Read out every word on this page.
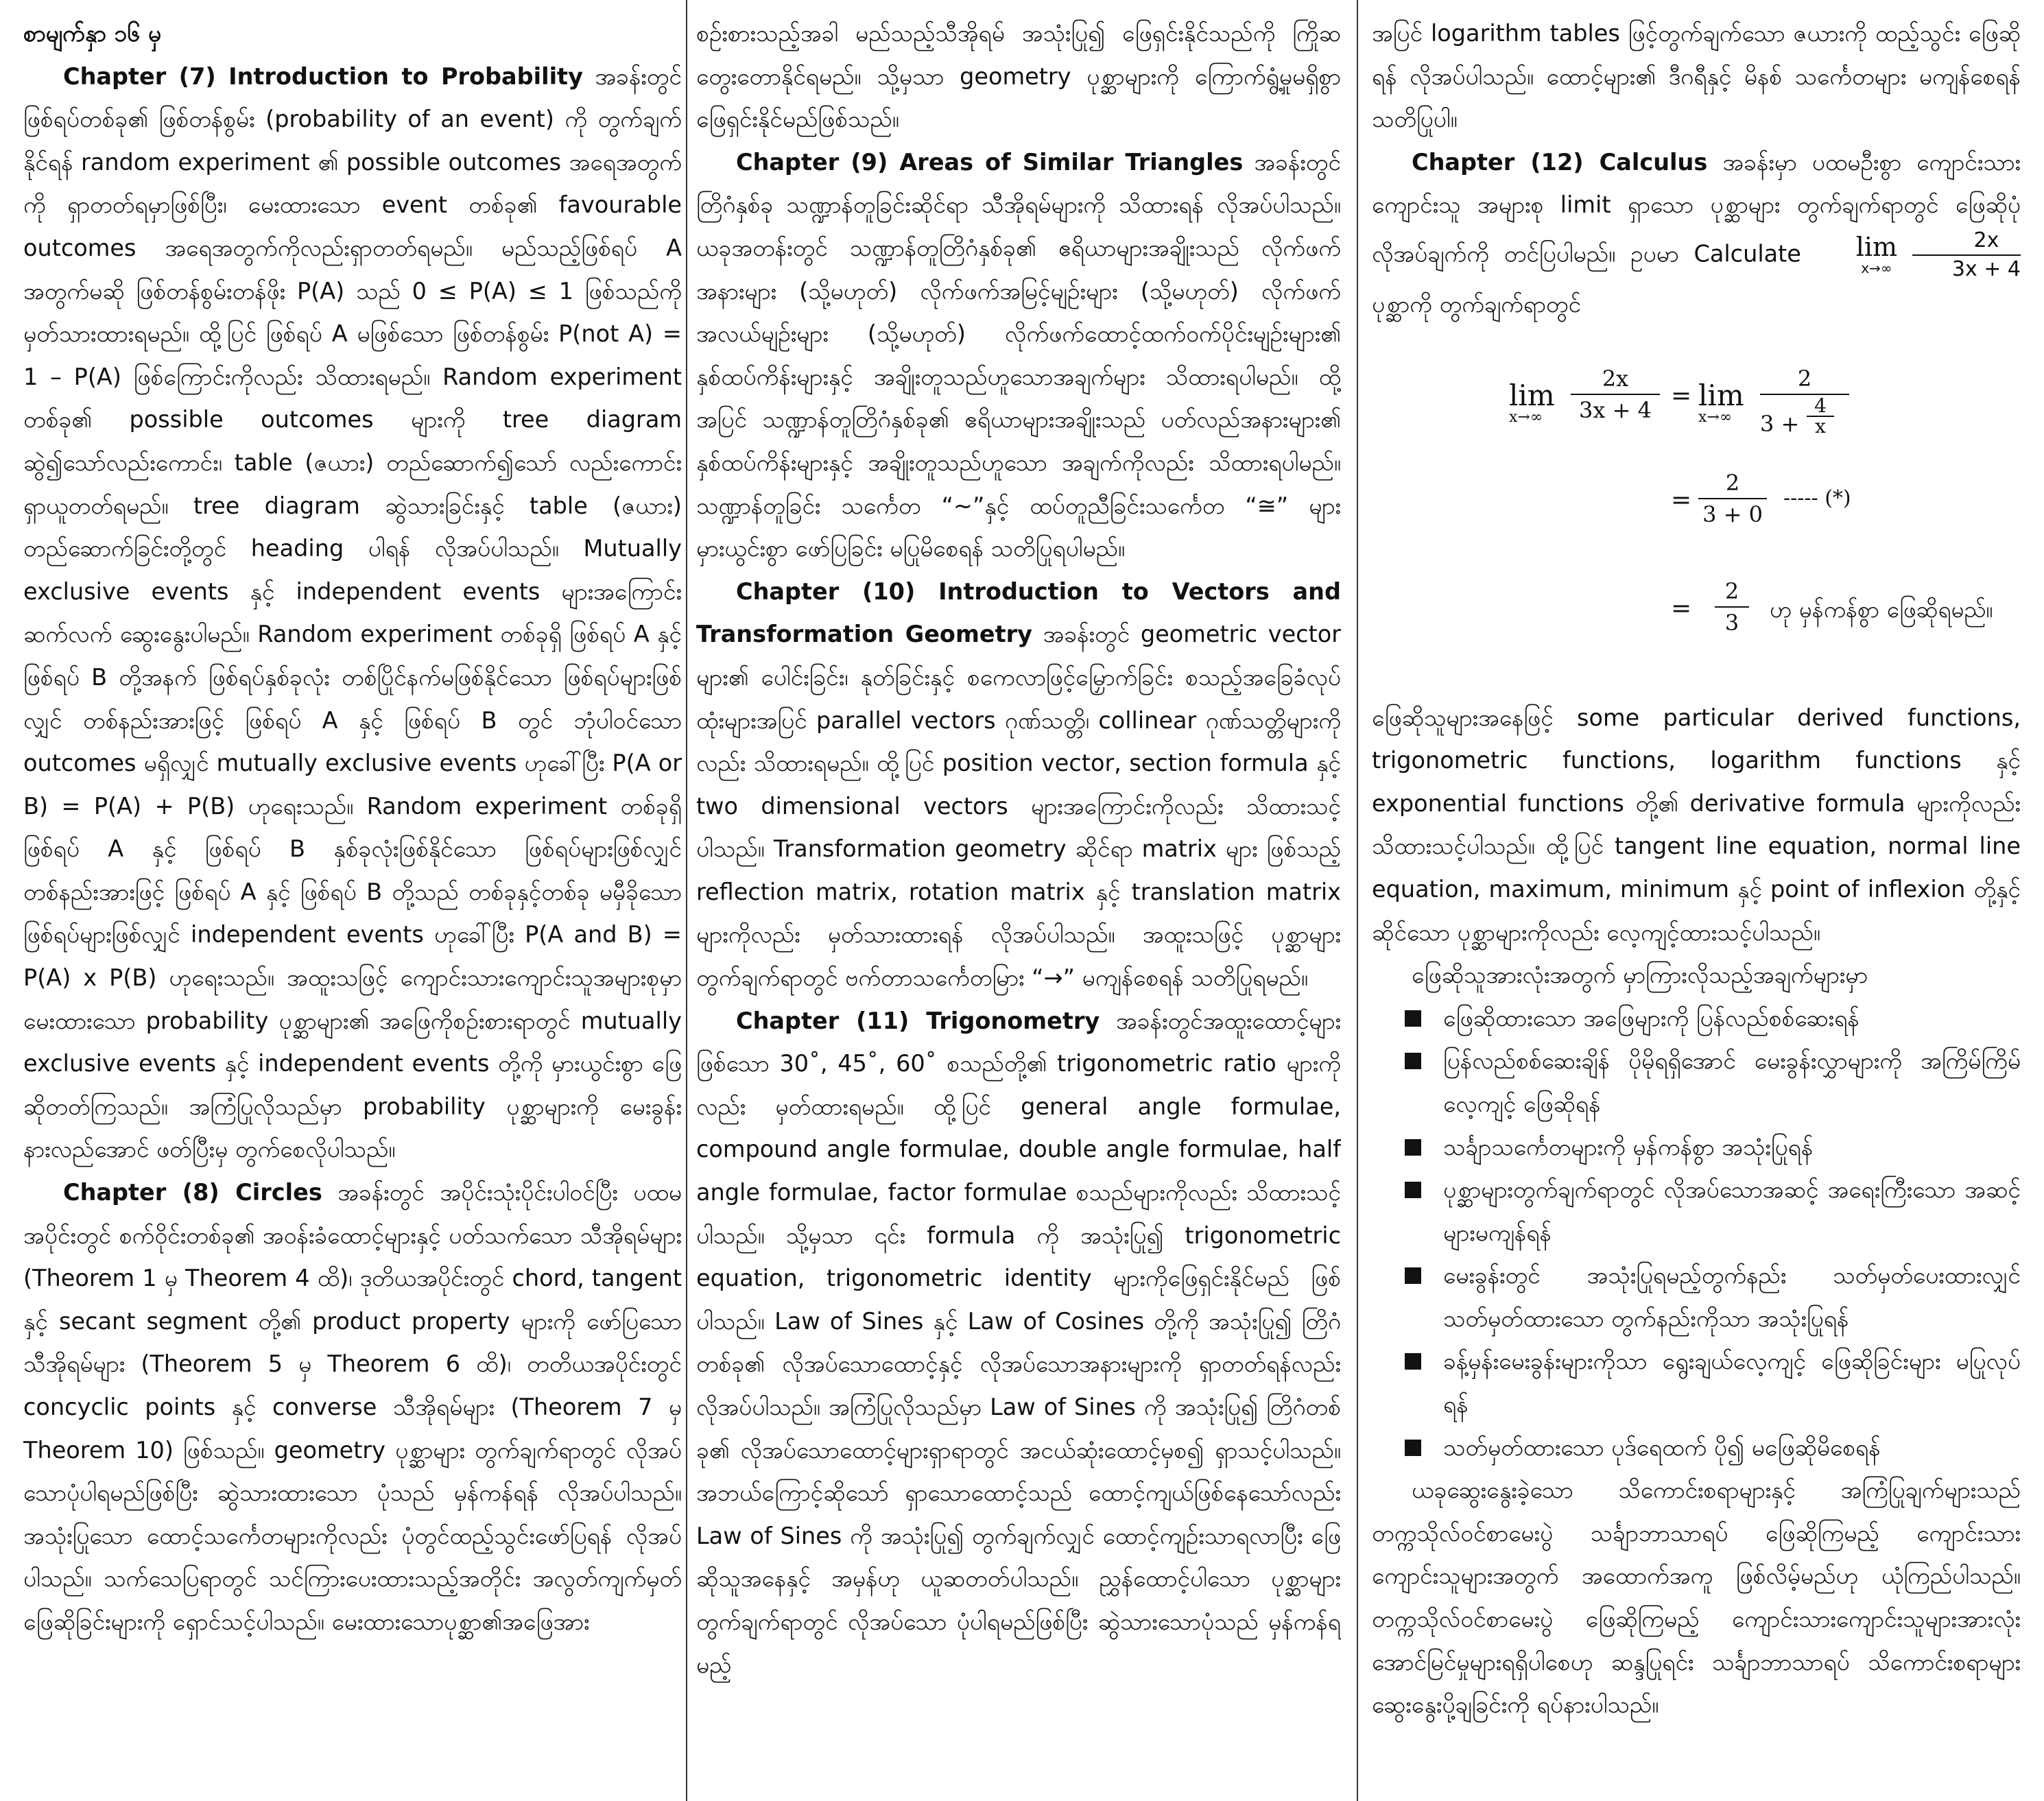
စာမျက်နှာ ၁၆ မှ

Chapter (7) Introduction to Probability အခန်းတွင် ဖြစ်ရပ်တစ်ခု၏ ဖြစ်တန်စွမ်း (probability of an event) ကို တွက်ချက်နိုင်ရန် random experiment ၏ possible outcomes အရေအတွက်ကို ရှာတတ်ရမှာဖြစ်ပြီး၊ မေးထားသော event တစ်ခု၏ favourable outcomes အရေအတွက်ကိုလည်းရှာတတ်ရမည်။ မည်သည့်ဖြစ်ရပ် A အတွက်မဆို ဖြစ်တန်စွမ်းတန်ဖိုး P(A) သည် 0 ≤ P(A) ≤ 1 ဖြစ်သည်ကို မှတ်သားထားရမည်။ ထို့ပြင် ဖြစ်ရပ် A မဖြစ်သော ဖြစ်တန်စွမ်း P(not A) = 1 – P(A) ဖြစ်ကြောင်းကိုလည်း သိထားရမည်။ Random experiment တစ်ခု၏ possible outcomes များကို tree diagram ဆွဲ၍သော်လည်းကောင်း၊ table (ဇယား) တည်ဆောက်၍သော် လည်းကောင်း ရှာယူတတ်ရမည်။ tree diagram ဆွဲသားခြင်းနှင့် table (ဇယား) တည်ဆောက်ခြင်းတို့တွင် heading ပါရန် လိုအပ်ပါသည်။ Mutually exclusive events နှင့် independent events များအကြောင်း ဆက်လက် ဆွေးနွေးပါမည်။ Random experiment တစ်ခုရှိ ဖြစ်ရပ် A နှင့် ဖြစ်ရပ် B တို့အနက် ဖြစ်ရပ်နှစ်ခုလုံး တစ်ပြိုင်နက်မဖြစ်နိုင်သော ဖြစ်ရပ်များဖြစ်လျှင် တစ်နည်းအားဖြင့် ဖြစ်ရပ် A နှင့် ဖြစ်ရပ် B တွင် ဘုံပါဝင်သော outcomes မရှိလျှင် mutually exclusive events ဟုခေါ်ပြီး P(A or B) = P(A) + P(B) ဟုရေးသည်။ Random experiment တစ်ခုရှိ ဖြစ်ရပ် A နှင့် ဖြစ်ရပ် B နှစ်ခုလုံးဖြစ်နိုင်သော ဖြစ်ရပ်များဖြစ်လျှင် တစ်နည်းအားဖြင့် ဖြစ်ရပ် A နှင့် ဖြစ်ရပ် B တို့သည် တစ်ခုနှင့်တစ်ခု မမှီခိုသော ဖြစ်ရပ်များဖြစ်လျှင် independent events ဟုခေါ်ပြီး P(A and B) = P(A) x P(B) ဟုရေးသည်။ အထူးသဖြင့် ကျောင်းသားကျောင်းသူအများစုမှာ မေးထားသော probability ပုစ္ဆာများ၏ အဖြေကိုစဉ်းစားရာတွင် mutually exclusive events နှင့် independent events တို့ကို မှားယွင်းစွာ ဖြေဆိုတတ်ကြသည်။ အကြံပြုလိုသည်မှာ probability ပုစ္ဆာများကို မေးခွန်းနားလည်အောင် ဖတ်ပြီးမှ တွက်စေလိုပါသည်။

Chapter (8) Circles အခန်းတွင် အပိုင်းသုံးပိုင်းပါဝင်ပြီး ပထမအပိုင်းတွင် စက်ဝိုင်းတစ်ခု၏ အဝန်းခံထောင့်များနှင့် ပတ်သက်သော သီအိုရမ်များ (Theorem 1 မှ Theorem 4 ထိ)၊ ဒုတိယအပိုင်းတွင် chord, tangent နှင့် secant segment တို့၏ product property များကို ဖော်ပြသော သီအိုရမ်များ (Theorem 5 မှ Theorem 6 ထိ)၊ တတိယအပိုင်းတွင် concyclic points နှင့် converse သီအိုရမ်များ (Theorem 7 မှ Theorem 10) ဖြစ်သည်။ geometry ပုစ္ဆာများ တွက်ချက်ရာတွင် လိုအပ်သောပုံပါရမည်ဖြစ်ပြီး ဆွဲသားထားသော ပုံသည် မှန်ကန်ရန် လိုအပ်ပါသည်။ အသုံးပြုသော ထောင့်သင်္ကေတများကိုလည်း ပုံတွင်ထည့်သွင်းဖော်ပြရန် လိုအပ်ပါသည်။ သက်သေပြရာတွင် သင်ကြားပေးထားသည့်အတိုင်း အလွတ်ကျက်မှတ် ဖြေဆိုခြင်းများကို ရှောင်သင့်ပါသည်။ မေးထားသောပုစ္ဆာ၏အဖြေအား

စဉ်းစားသည့်အခါ မည်သည့်သီအိုရမ် အသုံးပြု၍ ဖြေရှင်းနိုင်သည်ကို ကြိုဆတွေးတောနိုင်ရမည်။ သို့မှသာ geometry ပုစ္ဆာများကို ကြောက်ရွံ့မှုမရှိစွာ ဖြေရှင်းနိုင်မည်ဖြစ်သည်။

Chapter (9) Areas of Similar Triangles အခန်းတွင် တြိဂံနှစ်ခု သဏ္ဍာန်တူခြင်းဆိုင်ရာ သီအိုရမ်များကို သိထားရန် လိုအပ်ပါသည်။ ယခုအတန်းတွင် သဏ္ဍာန်တူတြိဂံနှစ်ခု၏ ဧရိယာများအချိုးသည် လိုက်ဖက်အနားများ (သို့မဟုတ်) လိုက်ဖက်အမြင့်မျဉ်းများ (သို့မဟုတ်) လိုက်ဖက်အလယ်မျဉ်းများ (သို့မဟုတ်) လိုက်ဖက်ထောင့်ထက်ဝက်ပိုင်းမျဉ်းများ၏ နှစ်ထပ်ကိန်းများနှင့် အချိုးတူသည်ဟူသောအချက်များ သိထားရပါမည်။ ထို့အပြင် သဏ္ဍာန်တူတြိဂံနှစ်ခု၏ ဧရိယာများအချိုးသည် ပတ်လည်အနားများ၏ နှစ်ထပ်ကိန်းများနှင့် အချိုးတူသည်ဟူသော အချက်ကိုလည်း သိထားရပါမည်။ သဏ္ဍာန်တူခြင်း သင်္ကေတ “~”နှင့် ထပ်တူညီခြင်းသင်္ကေတ “≅” များ မှားယွင်းစွာ ဖော်ပြခြင်း မပြုမိစေရန် သတိပြုရပါမည်။

Chapter (10) Introduction to Vectors and Transformation Geometry အခန်းတွင် geometric vector များ၏ ပေါင်းခြင်း၊ နုတ်ခြင်းနှင့် စကေလာဖြင့်မြှောက်ခြင်း စသည့်အခြေခံလုပ်ထုံးများအပြင် parallel vectors ဂုဏ်သတ္တိ၊ collinear ဂုဏ်သတ္တိများကိုလည်း သိထားရမည်။ ထို့ပြင် position vector, section formula နှင့် two dimensional vectors များအကြောင်းကိုလည်း သိထားသင့်ပါသည်။ Transformation geometry ဆိုင်ရာ matrix များ ဖြစ်သည့် reflection matrix, rotation matrix နှင့် translation matrix များကိုလည်း မှတ်သားထားရန် လိုအပ်ပါသည်။ အထူးသဖြင့် ပုစ္ဆာများ တွက်ချက်ရာတွင် ဗက်တာသင်္ကေတမြား “→” မကျန်စေရန် သတိပြုရမည်။

Chapter (11) Trigonometry အခန်းတွင်အထူးထောင့်များဖြစ်သော 30˚, 45˚, 60˚ စသည်တို့၏ trigonometric ratio များကိုလည်း မှတ်ထားရမည်။ ထို့ပြင် general angle formulae, compound angle formulae, double angle formulae, half angle formulae, factor formulae စသည်များကိုလည်း သိထားသင့်ပါသည်။ သို့မှသာ ၎င်း formula ကို အသုံးပြု၍ trigonometric equation, trigonometric identity များကိုဖြေရှင်းနိုင်မည် ဖြစ်ပါသည်။ Law of Sines နှင့် Law of Cosines တို့ကို အသုံးပြု၍ တြိဂံတစ်ခု၏ လိုအပ်သောထောင့်နှင့် လိုအပ်သောအနားများကို ရှာတတ်ရန်လည်း လိုအပ်ပါသည်။ အကြံပြုလိုသည်မှာ Law of Sines ကို အသုံးပြု၍ တြိဂံတစ်ခု၏ လိုအပ်သောထောင့်များရှာရာတွင် အငယ်ဆုံးထောင့်မှစ၍ ရှာသင့်ပါသည်။ အဘယ်ကြောင့်ဆိုသော် ရှာသောထောင့်သည် ထောင့်ကျယ်ဖြစ်နေသော်လည်း Law of Sines ကို အသုံးပြု၍ တွက်ချက်လျှင် ထောင့်ကျဉ်းသာရလာပြီး ဖြေဆိုသူအနေနှင့် အမှန်ဟု ယူဆတတ်ပါသည်။ ညွှန်ထောင့်ပါသော ပုစ္ဆာများတွက်ချက်ရာတွင် လိုအပ်သော ပုံပါရမည်ဖြစ်ပြီး ဆွဲသားသောပုံသည် မှန်ကန်ရမည့်

အပြင် logarithm tables ဖြင့်တွက်ချက်သော ဇယားကို ထည့်သွင်း ဖြေဆိုရန် လိုအပ်ပါသည်။ ထောင့်များ၏ ဒီဂရီနှင့် မိနစ် သင်္ကေတများ မကျန်စေရန် သတိပြုပါ။

Chapter (12) Calculus အခန်းမှာ ပထမဦးစွာ ကျောင်းသားကျောင်းသူ အများစု limit ရှာသော ပုစ္ဆာများ တွက်ချက်ရာတွင် ဖြေဆိုပုံလိုအပ်ချက်ကို တင်ပြပါမည်။ ဥပမာ Calculate lim
x→∞
$\frac{2x}{3x + 4}$
ပုစ္ဆာကို တွက်ချက်ရာတွင်

lim
x→∞
2x
3x + 4 = lim
x→∞
2
$3 + \frac{4}{x}$
=
2
3 + 0
----- (*)
=
2
3	ဟု မှန်ကန်စွာ ဖြေဆိုရမည်။

ဖြေဆိုသူများအနေဖြင့် some particular derived functions, trigonometric functions, logarithm functions နှင့် exponential functions တို့၏ derivative formula များကိုလည်း သိထားသင့်ပါသည်။ ထို့ပြင် tangent line equation, normal line equation, maximum, minimum နှင့် point of inflexion တို့နှင့်ဆိုင်သော ပုစ္ဆာများကိုလည်း လေ့ကျင့်ထားသင့်ပါသည်။

ဖြေဆိုသူအားလုံးအတွက် မှာကြားလိုသည့်အချက်များမှာ

ဖြေဆိုထားသော အဖြေများကို ပြန်လည်စစ်ဆေးရန်
ပြန်လည်စစ်ဆေးချိန် ပိုမိုရရှိအောင် မေးခွန်းလွှာများကို အကြိမ်ကြိမ်လေ့ကျင့် ဖြေဆိုရန်
သင်္ချာသင်္ကေတများကို မှန်ကန်စွာ အသုံးပြုရန်
ပုစ္ဆာများတွက်ချက်ရာတွင် လိုအပ်သောအဆင့် အရေးကြီးသော အဆင့်များမကျန်ရန်
မေးခွန်းတွင် အသုံးပြုရမည့်တွက်နည်း သတ်မှတ်ပေးထားလျှင် သတ်မှတ်ထားသော တွက်နည်းကိုသာ အသုံးပြုရန်
ခန့်မှန်းမေးခွန်းများကိုသာ ရွေးချယ်လေ့ကျင့် ဖြေဆိုခြင်းများ မပြုလုပ်ရန်
သတ်မှတ်ထားသော ပုဒ်ရေထက် ပို၍ မဖြေဆိုမိစေရန်

ယခုဆွေးနွေးခဲ့သော သိကောင်းစရာများနှင့် အကြံပြုချက်များသည် တက္ကသိုလ်ဝင်စာမေးပွဲ သင်္ချာဘာသာရပ် ဖြေဆိုကြမည့် ကျောင်းသား ကျောင်းသူများအတွက် အထောက်အကူ ဖြစ်လိမ့်မည်ဟု ယုံကြည်ပါသည်။ တက္ကသိုလ်ဝင်စာမေးပွဲ ဖြေဆိုကြမည့် ကျောင်းသားကျောင်းသူများအားလုံး အောင်မြင်မှုများရရှိပါစေဟု ဆန္ဒပြုရင်း သင်္ချာဘာသာရပ် သိကောင်းစရာများ ဆွေးနွေးပို့ချခြင်းကို ရပ်နားပါသည်။
